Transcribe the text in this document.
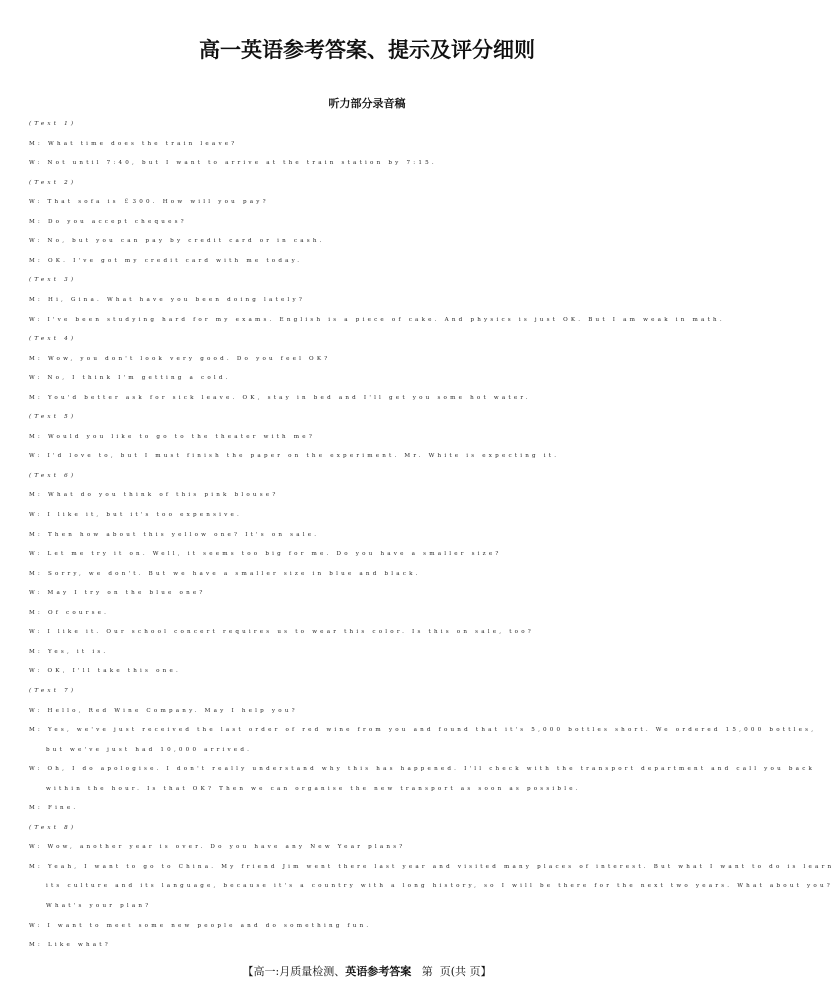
高一英语参考答案、提示及评分细则
听力部分录音稿
(Text 1)
M: What time does the train leave?
W: Not until 7:40, but I want to arrive at the train station by 7:15.
(Text 2)
W: That sofa is ￡300. How will you pay?
M: Do you accept cheques?
W: No, but you can pay by credit card or in cash.
M: OK. I've got my credit card with me today.
(Text 3)
M: Hi, Gina. What have you been doing lately?
W: I've been studying hard for my exams. English is a piece of cake. And physics is just OK. But I am weak in math.
(Text 4)
M: Wow, you don't look very good. Do you feel OK?
W: No, I think I'm getting a cold.
M: You'd better ask for sick leave. OK, stay in bed and I'll get you some hot water.
(Text 5)
M: Would you like to go to the theater with me?
W: I'd love to, but I must finish the paper on the experiment. Mr. White is expecting it.
(Text 6)
M: What do you think of this pink blouse?
W: I like it, but it's too expensive.
M: Then how about this yellow one? It's on sale.
W: Let me try it on. Well, it seems too big for me. Do you have a smaller size?
M: Sorry, we don't. But we have a smaller size in blue and black.
W: May I try on the blue one?
M: Of course.
W: I like it. Our school concert requires us to wear this color. Is this on sale, too?
M: Yes, it is.
W: OK, I'll take this one.
(Text 7)
W: Hello, Red Wine Company. May I help you?
M: Yes, we've just received the last order of red wine from you and found that it's 5,000 bottles short. We ordered 15,000 bottles,
but we've just had 10,000 arrived.
W: Oh, I do apologise. I don't really understand why this has happened. I'll check with the transport department and call you back
within the hour. Is that OK? Then we can organise the new transport as soon as possible.
M: Fine.
(Text 8)
W: Wow, another year is over. Do you have any New Year plans?
M: Yeah, I want to go to China. My friend Jim went there last year and visited many places of interest. But what I want to do is learn
its culture and its language, because it's a country with a long history, so I will be there for the next two years. What about you?
What's your plan?
W: I want to meet some new people and do something fun.
M: Like what?
【高一:月质量检测、英语参考答案 第 页(共 页】
